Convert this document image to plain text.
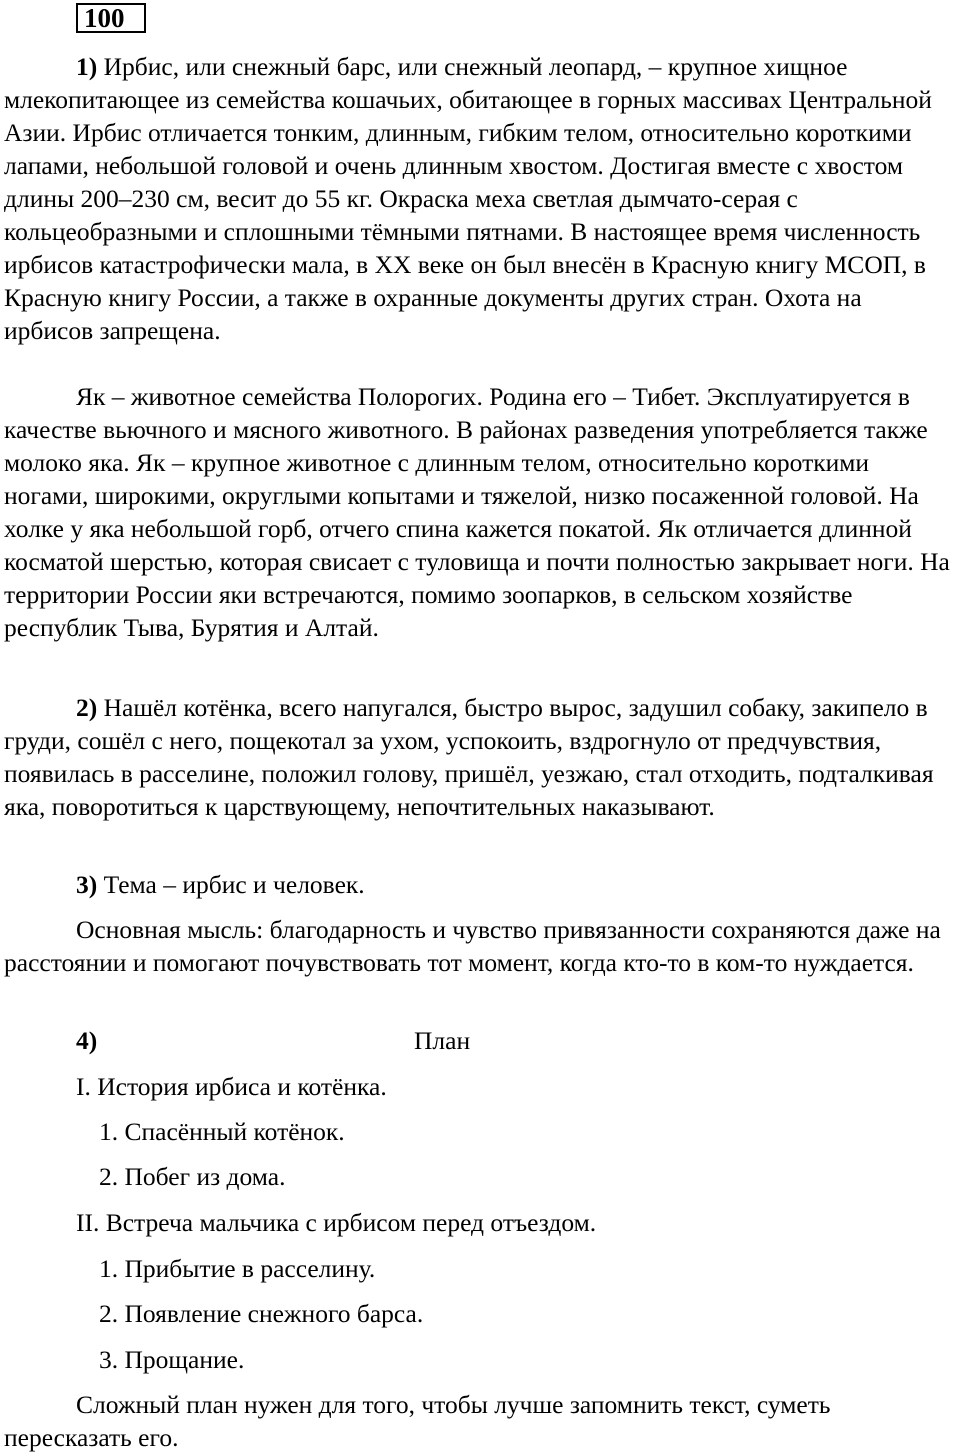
100

1) Ирбис, или снежный барс, или снежный леопард, – крупное хищное млекопитающее из семейства кошачьих, обитающее в горных массивах Центральной Азии. Ирбис отличается тонким, длинным, гибким телом, относительно короткими лапами, небольшой головой и очень длинным хвостом. Достигая вместе с хвостом длины 200–230 см, весит до 55 кг. Окраска меха светлая дымчато-серая с кольцеобразными и сплошными тёмными пятнами. В настоящее время численность ирбисов катастрофически мала, в XX веке он был внесён в Красную книгу МСОП, в Красную книгу России, а также в охранные документы других стран. Охота на ирбисов запрещена.

Як – животное семейства Полорогих. Родина его – Тибет. Эксплуатируется в качестве вьючного и мясного животного. В районах разведения употребляется также молоко яка. Як – крупное животное с длинным телом, относительно короткими ногами, широкими, округлыми копытами и тяжелой, низко посаженной головой. На холке у яка небольшой горб, отчего спина кажется покатой. Як отличается длинной косматой шерстью, которая свисает с туловища и почти полностью закрывает ноги. На территории России яки встречаются, помимо зоопарков, в сельском хозяйстве республик Тыва, Бурятия и Алтай.

2) Нашёл котёнка, всего напугался, быстро вырос, задушил собаку, закипело в груди, сошёл с него, пощекотал за ухом, успокоить, вздрогнуло от предчувствия, появилась в расселине, положил голову, пришёл, уезжаю, стал отходить, подталкивая яка, поворотиться к царствующему, непочтительных наказывают.

3) Тема – ирбис и человек.

Основная мысль: благодарность и чувство привязанности сохраняются даже на расстоянии и помогают почувствовать тот момент, когда кто-то в ком-то нуждается.

4)	План
I. История ирбиса и котёнка.
1. Спасённый котёнок.
2. Побег из дома.
II. Встреча мальчика с ирбисом перед отъездом.
1. Прибытие в расселину.
2. Появление снежного барса.
3. Прощание.

Сложный план нужен для того, чтобы лучше запомнить текст, суметь пересказать его.
